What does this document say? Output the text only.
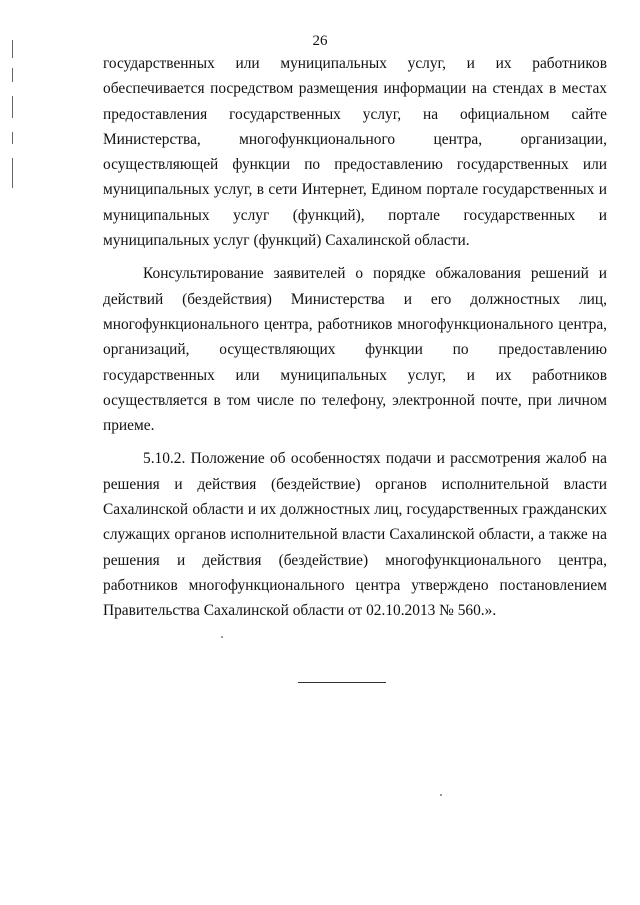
26

государственных или муниципальных услуг, и их работников обеспечивается посредством размещения информации на стендах в местах предоставления государственных услуг, на официальном сайте Министерства, многофункционального центра, организации, осуществляющей функции по предоставлению государственных или муниципальных услуг, в сети Интернет, Едином портале государственных и муниципальных услуг (функций), портале государственных и муниципальных услуг (функций) Сахалинской области.

Консультирование заявителей о порядке обжалования решений и действий (бездействия) Министерства и его должностных лиц, многофункционального центра, работников многофункционального центра, организаций, осуществляющих функции по предоставлению государственных или муниципальных услуг, и их работников осуществляется в том числе по телефону, электронной почте, при личном приеме.

5.10.2. Положение об особенностях подачи и рассмотрения жалоб на решения и действия (бездействие) органов исполнительной власти Сахалинской области и их должностных лиц, государственных гражданских служащих органов исполнительной власти Сахалинской области, а также на решения и действия (бездействие) многофункционального центра, работников многофункционального центра утверждено постановлением Правительства Сахалинской области от 02.10.2013 № 560.».
